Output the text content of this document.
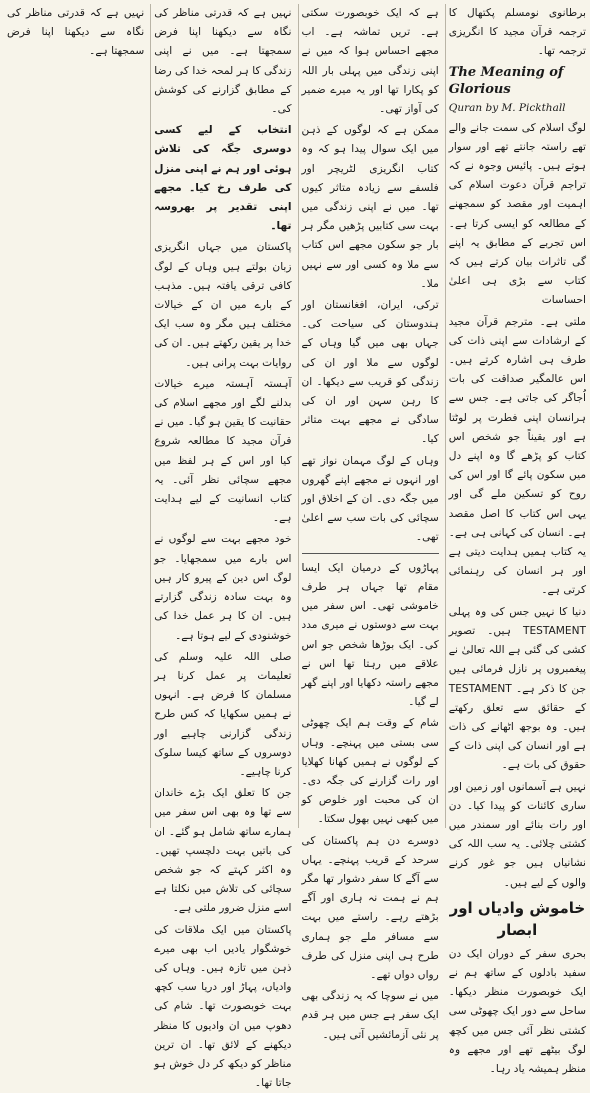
برطانوی نومسلم پکتھال کا ترجمہ قرآن مجید کا انگریزی ترجمہ تھا۔

The Meaning of Glorious

Quran by M. Pickthall

لوگ اسلام کی سمت جانے والے تھے راستہ جانتے تھے اور سوار ہوتے ہیں۔ پائیس وجوہ نے کہ تراجم قرآن دعوت اسلام کی اہمیت اور مقصد کو سمجھنے کے مطالعہ کو ایسی کرتا ہے۔ اس تجربے کے مطابق یہ اپنے گی تاثرات بیان کرتے ہیں کہ کتاب سے بڑی ہی اعلیٰ احساسات

ملتی ہے۔ مترجم قرآن مجید کے ارشادات سے اپنی ذات کی طرف ہی اشارہ کرتے ہیں۔ اس عالمگیر صداقت کی بات اُجاگر کی جاتی ہے۔ جس سے ہرانسان اپنی فطرت پر لوٹتا ہے اور یقیناً جو شخص اس کتاب کو پڑھے گا وہ اپنے دل میں سکون پائے گا اور اس کی روح کو تسکین ملے گی اور یہی اس کتاب کا اصل مقصد ہے۔ انسان کی کہانی ہی ہے۔ یہ کتاب ہمیں ہدایت دیتی ہے اور ہر انسان کی رہنمائی کرتی ہے۔

دنیا کا نہیں جس کی وہ پہلی TESTAMENT ہیں۔ تصویر کشی کی گئی ہے اللہ تعالیٰ نے پیغمبروں پر نازل فرمائی ہیں جن کا ذکر ہے۔ TESTAMENT کے حقائق سے تعلق رکھتے ہیں۔ وہ بوجھ اٹھانے کی ذات ہے اور انسان کی اپنی ذات کے حقوق کی بات ہے۔

نہیں ہے آسمانوں اور زمین اور ساری کائنات کو پیدا کیا۔ دن اور رات بنائے اور سمندر میں کشتی چلائی۔ یہ سب اللہ کی نشانیاں ہیں جو غور کرنے والوں کے لیے ہیں۔

خاموش وادیاں اور ابصار

بحری سفر کے دوران ایک دن سفید بادلوں کے ساتھ ہم نے ایک خوبصورت منظر دیکھا۔ ساحل سے دور ایک چھوٹی سی کشتی نظر آئی جس میں کچھ لوگ بیٹھے تھے اور مجھے وہ منظر ہمیشہ یاد رہا۔

ہے کہ ایک خوبصورت سکتی ہے۔ تریں تماشہ ہے۔ اب مجھے احساس ہوا کہ میں نے اپنی زندگی میں پہلی بار اللہ کو پکارا تھا اور یہ میرے ضمیر کی آواز تھی۔

ممکن ہے کہ لوگوں کے ذہن میں ایک سوال پیدا ہو کہ وہ کتاب انگریزی لٹریچر اور فلسفے سے زیادہ متاثر کیوں تھا۔ میں نے اپنی زندگی میں بہت سی کتابیں پڑھیں مگر ہر بار جو سکون مجھے اس کتاب سے ملا وہ کسی اور سے نہیں ملا۔

ترکی، ایران، افغانستان اور ہندوستان کی سیاحت کی۔ جہاں بھی میں گیا وہاں کے لوگوں سے ملا اور ان کی زندگی کو قریب سے دیکھا۔ ان کا رہن سہن اور ان کی سادگی نے مجھے بہت متاثر کیا۔

وہاں کے لوگ مہمان نواز تھے اور انہوں نے مجھے اپنے گھروں میں جگہ دی۔ ان کے اخلاق اور سچائی کی بات سب سے اعلیٰ تھی۔

پہاڑوں کے درمیان ایک ایسا مقام تھا جہاں ہر طرف خاموشی تھی۔ اس سفر میں بہت سے دوستوں نے میری مدد کی۔ ایک بوڑھا شخص جو اس علاقے میں رہتا تھا اس نے مجھے راستہ دکھایا اور اپنے گھر لے گیا۔

شام کے وقت ہم ایک چھوٹی سی بستی میں پہنچے۔ وہاں کے لوگوں نے ہمیں کھانا کھلایا اور رات گزارنے کی جگہ دی۔ ان کی محبت اور خلوص کو میں کبھی نہیں بھول سکتا۔

دوسرے دن ہم پاکستان کی سرحد کے قریب پہنچے۔ یہاں سے آگے کا سفر دشوار تھا مگر ہم نے ہمت نہ ہاری اور آگے بڑھتے رہے۔ راستے میں بہت سے مسافر ملے جو ہماری طرح ہی اپنی منزل کی طرف رواں دواں تھے۔

میں نے سوچا کہ یہ زندگی بھی ایک سفر ہے جس میں ہر قدم پر نئی آزمائشیں آتی ہیں۔

نہیں ہے کہ قدرتی مناظر کی نگاہ سے دیکھنا اپنا فرض سمجھتا ہے۔ میں نے اپنی زندگی کا ہر لمحہ خدا کی رضا کے مطابق گزارنے کی کوشش کی۔

انتخاب کے لیے کسی دوسری جگہ کی تلاش ہوئی اور ہم نے اپنی منزل کی طرف رخ کیا۔ مجھے اپنی تقدیر پر بھروسہ تھا۔

پاکستان میں جہاں انگریزی زبان بولتے ہیں وہاں کے لوگ کافی ترقی یافتہ ہیں۔ مذہب کے بارے میں ان کے خیالات مختلف ہیں مگر وہ سب ایک خدا پر یقین رکھتے ہیں۔ ان کی روایات بہت پرانی ہیں۔

آہستہ آہستہ میرے خیالات بدلنے لگے اور مجھے اسلام کی حقانیت کا یقین ہو گیا۔ میں نے قرآن مجید کا مطالعہ شروع کیا اور اس کے ہر لفظ میں مجھے سچائی نظر آئی۔ یہ کتاب انسانیت کے لیے ہدایت ہے۔

خود مجھے بہت سے لوگوں نے اس بارے میں سمجھایا۔ جو لوگ اس دین کے پیرو کار ہیں وہ بہت سادہ زندگی گزارتے ہیں۔ ان کا ہر عمل خدا کی خوشنودی کے لیے ہوتا ہے۔

صلی اللہ علیہ وسلم کی تعلیمات پر عمل کرنا ہر مسلمان کا فرض ہے۔ انہوں نے ہمیں سکھایا کہ کس طرح زندگی گزارنی چاہیے اور دوسروں کے ساتھ کیسا سلوک کرنا چاہیے۔

جن کا تعلق ایک بڑے خاندان سے تھا وہ بھی اس سفر میں ہمارے ساتھ شامل ہو گئے۔ ان کی باتیں بہت دلچسپ تھیں۔ وہ اکثر کہتے کہ جو شخص سچائی کی تلاش میں نکلتا ہے اسے منزل ضرور ملتی ہے۔

پاکستان میں ایک ملاقات کی خوشگوار یادیں اب بھی میرے ذہن میں تازہ ہیں۔ وہاں کی وادیاں، پہاڑ اور دریا سب کچھ بہت خوبصورت تھا۔ شام کی دھوپ میں ان وادیوں کا منظر دیکھنے کے لائق تھا۔ ان ترین مناظر کو دیکھ کر دل خوش ہو جاتا تھا۔

نہیں ہے کہ قدرتی مناظر کی نگاہ سے دیکھنا اپنا فرض سمجھتا ہے۔
